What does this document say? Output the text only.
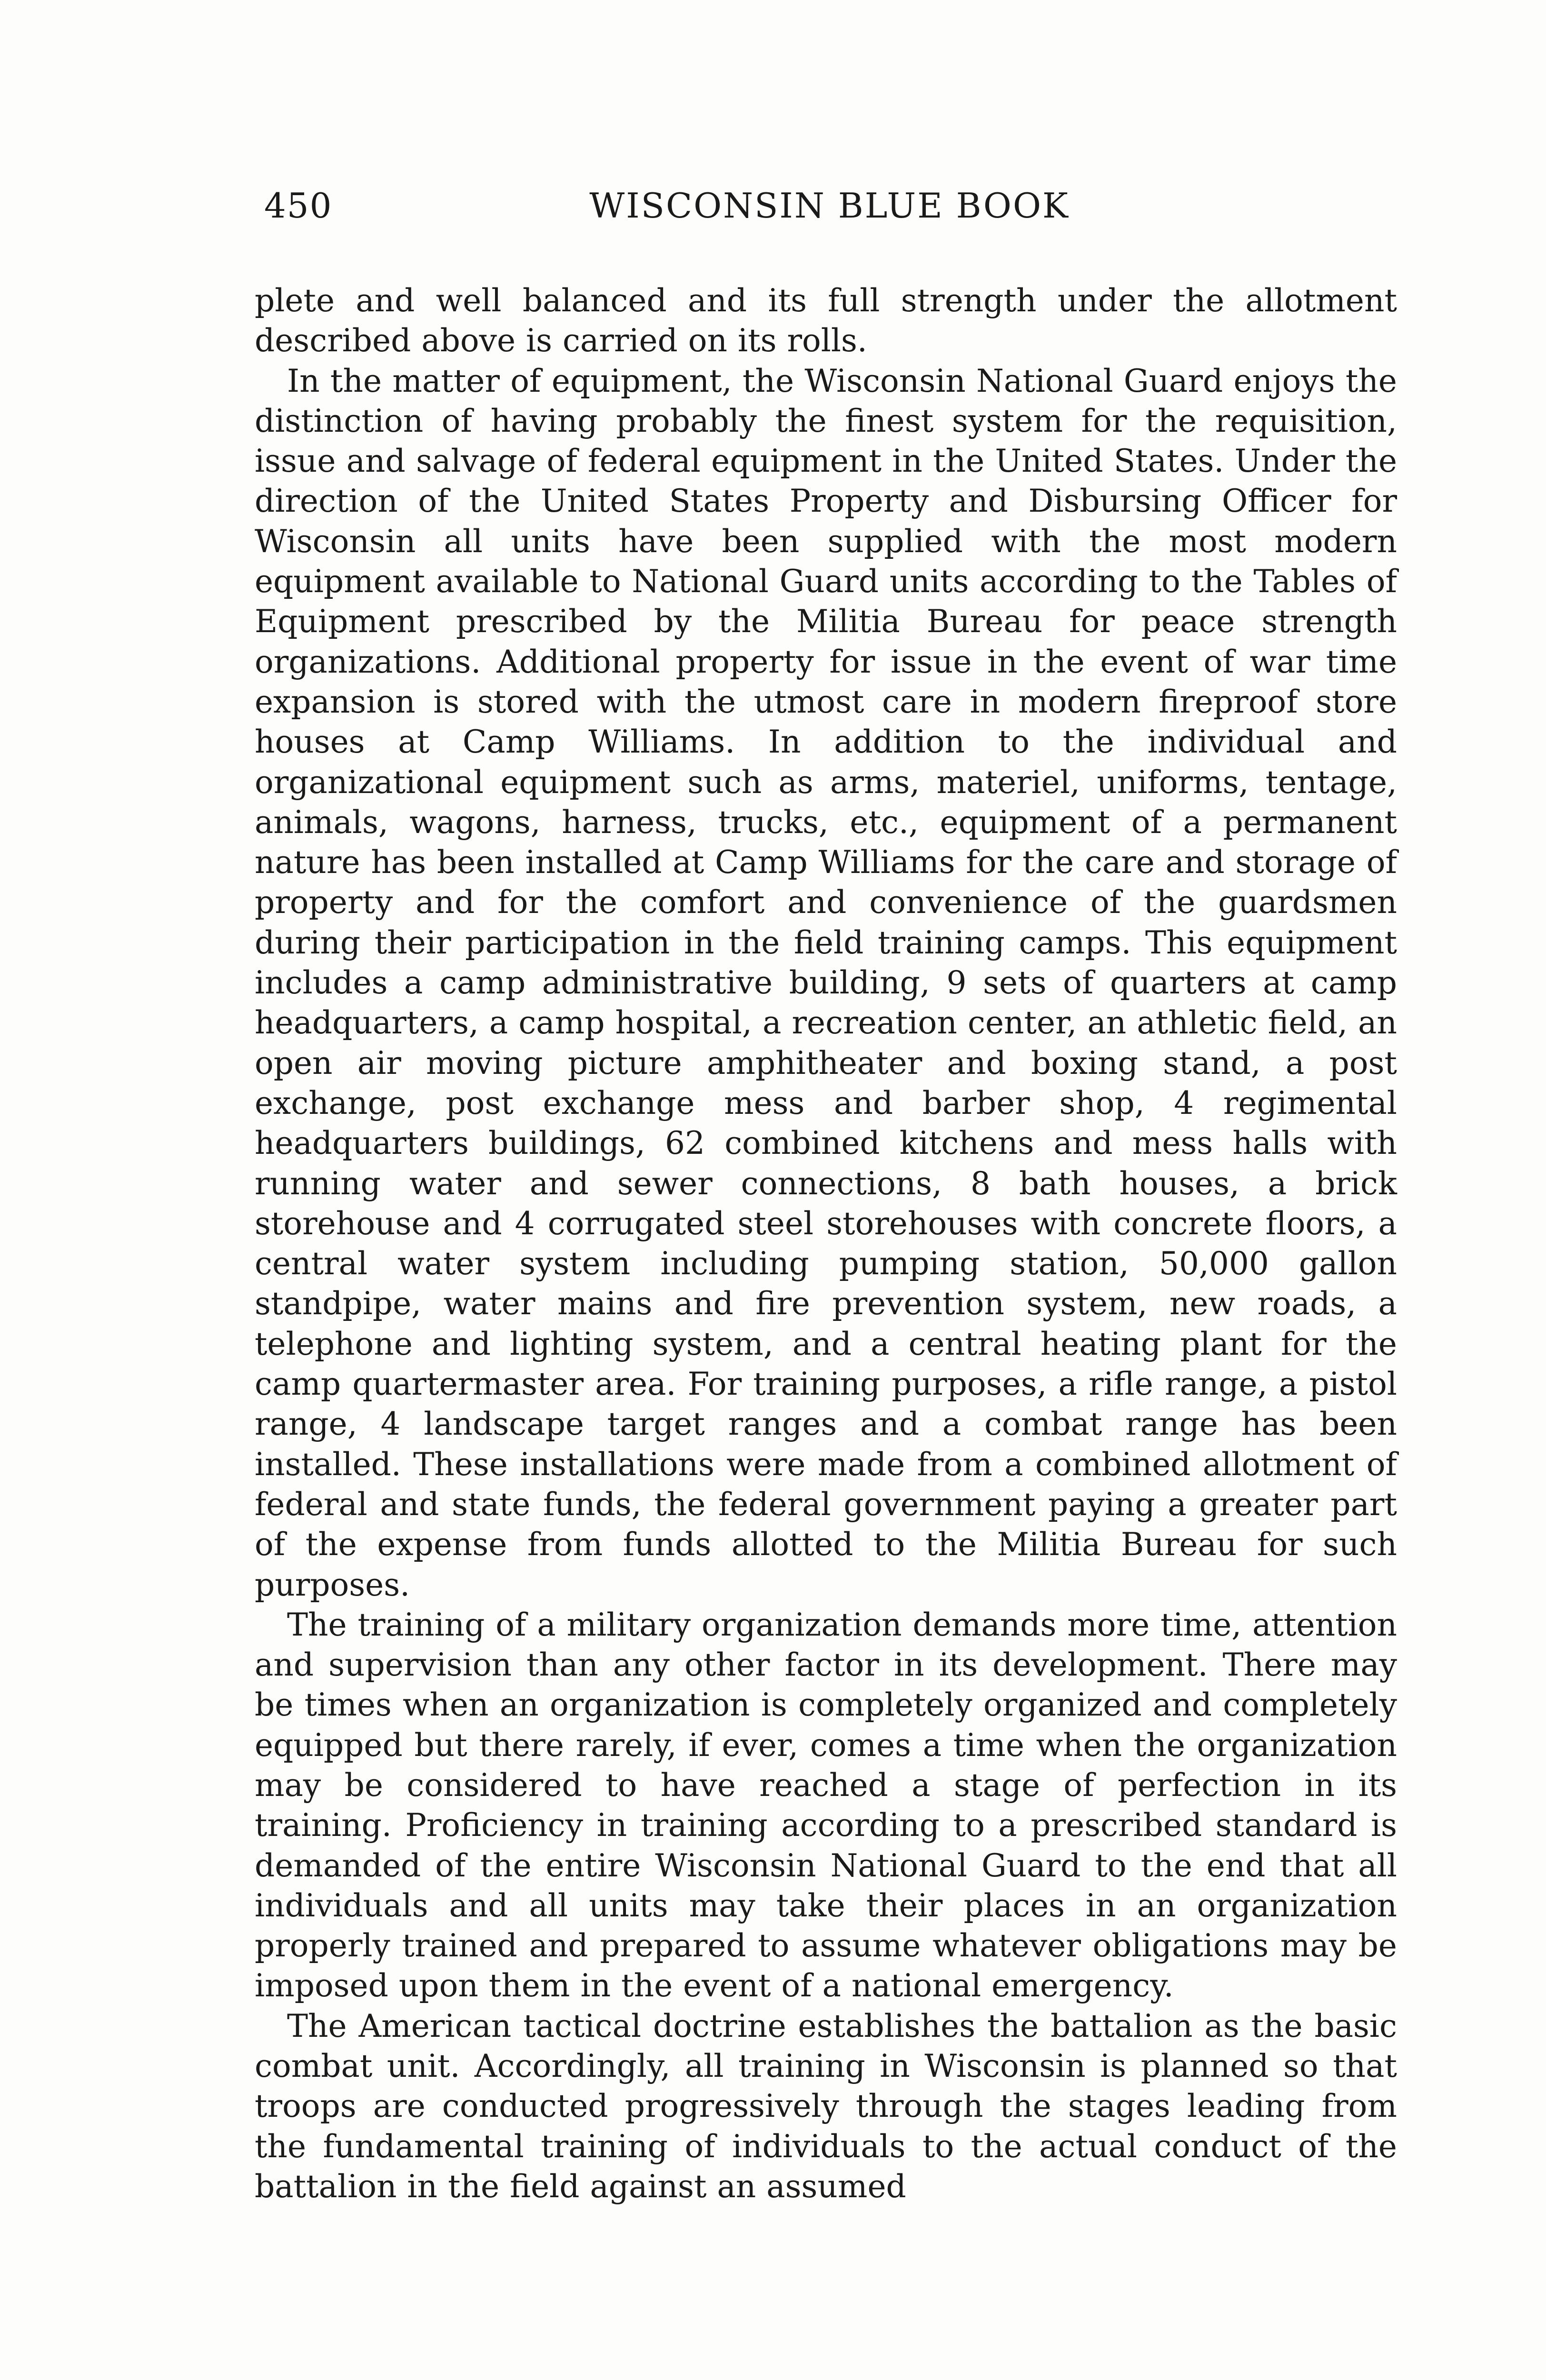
450	WISCONSIN BLUE BOOK

plete and well balanced and its full strength under the allotment described above is carried on its rolls.

In the matter of equipment, the Wisconsin National Guard enjoys the distinction of having probably the finest system for the requisition, issue and salvage of federal equipment in the United States. Under the direction of the United States Property and Disbursing Officer for Wisconsin all units have been supplied with the most modern equipment available to National Guard units according to the Tables of Equipment prescribed by the Militia Bureau for peace strength organizations. Additional property for issue in the event of war time expansion is stored with the utmost care in modern fireproof store houses at Camp Williams. In addition to the individual and organizational equipment such as arms, materiel, uniforms, tentage, animals, wagons, harness, trucks, etc., equipment of a permanent nature has been installed at Camp Williams for the care and storage of property and for the comfort and convenience of the guardsmen during their participation in the field training camps. This equipment includes a camp administrative building, 9 sets of quarters at camp headquarters, a camp hospital, a recreation center, an athletic field, an open air moving picture amphitheater and boxing stand, a post exchange, post exchange mess and barber shop, 4 regimental headquarters buildings, 62 combined kitchens and mess halls with running water and sewer connections, 8 bath houses, a brick storehouse and 4 corrugated steel storehouses with concrete floors, a central water system including pumping station, 50,000 gallon standpipe, water mains and fire prevention system, new roads, a telephone and lighting system, and a central heating plant for the camp quartermaster area. For training purposes, a rifle range, a pistol range, 4 landscape target ranges and a combat range has been installed. These installations were made from a combined allotment of federal and state funds, the federal government paying a greater part of the expense from funds allotted to the Militia Bureau for such purposes.

The training of a military organization demands more time, attention and supervision than any other factor in its development. There may be times when an organization is completely organized and completely equipped but there rarely, if ever, comes a time when the organization may be considered to have reached a stage of perfection in its training. Proficiency in training according to a prescribed standard is demanded of the entire Wisconsin National Guard to the end that all individuals and all units may take their places in an organization properly trained and prepared to assume whatever obligations may be imposed upon them in the event of a national emergency.

The American tactical doctrine establishes the battalion as the basic combat unit. Accordingly, all training in Wisconsin is planned so that troops are conducted progressively through the stages leading from the fundamental training of individuals to the actual conduct of the battalion in the field against an assumed
